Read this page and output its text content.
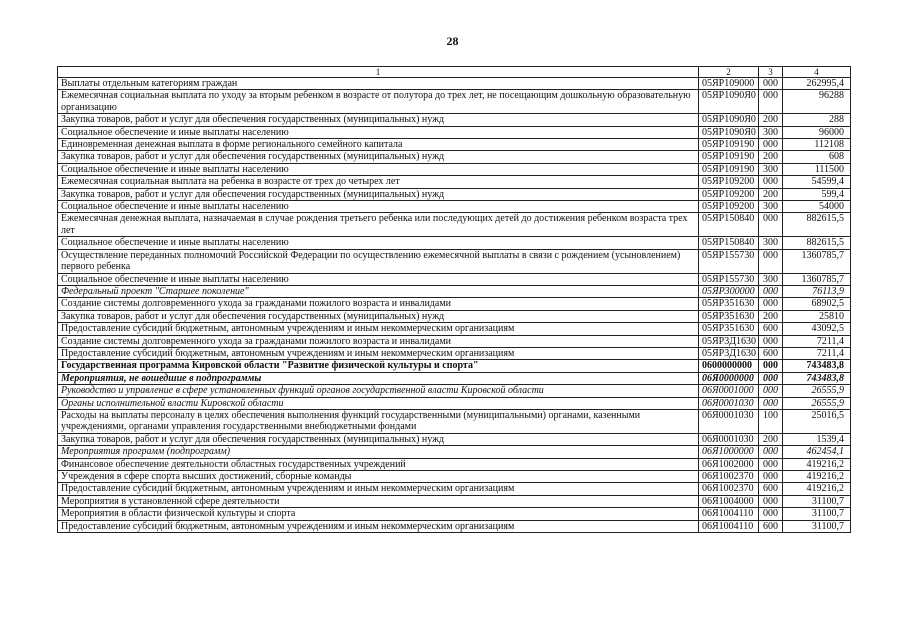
28
1	2	3	4
Выплаты отдельным категориям граждан	05ЯР109000	000	262995,4
Ежемесячная социальная выплата по уходу за вторым ребенком в возрасте от полутора до трех лет, не посещающим дошкольную образовательную организацию	05ЯР1090Я0	000	96288
Закупка товаров, работ и услуг для обеспечения государственных (муниципальных) нужд	05ЯР1090Я0	200	288
Социальное обеспечение и иные выплаты населению	05ЯР1090Я0	300	96000
Единовременная денежная выплата в форме регионального семейного капитала	05ЯР109190	000	112108
Закупка товаров, работ и услуг для обеспечения государственных (муниципальных) нужд	05ЯР109190	200	608
Социальное обеспечение и иные выплаты населению	05ЯР109190	300	111500
Ежемесячная социальная выплата на ребенка в возрасте от трех до четырех лет	05ЯР109200	000	54599,4
Закупка товаров, работ и услуг для обеспечения государственных (муниципальных) нужд	05ЯР109200	200	599,4
Социальное обеспечение и иные выплаты населению	05ЯР109200	300	54000
Ежемесячная денежная выплата, назначаемая в случае рождения третьего ребенка или последующих детей до достижения ребенком возраста трех лет	05ЯР150840	000	882615,5
Социальное обеспечение и иные выплаты населению	05ЯР150840	300	882615,5
Осуществление переданных полномочий Российской Федерации по осуществлению ежемесячной выплаты в связи с рождением (усыновлением) первого ребенка	05ЯР155730	000	1360785,7
Социальное обеспечение и иные выплаты населению	05ЯР155730	300	1360785,7
Федеральный проект "Старшее поколение"	05ЯР300000	000	76113,9
Создание системы долговременного ухода за гражданами пожилого возраста и инвалидами	05ЯР351630	000	68902,5
Закупка товаров, работ и услуг для обеспечения государственных (муниципальных) нужд	05ЯР351630	200	25810
Предоставление субсидий бюджетным, автономным учреждениям и иным некоммерческим организациям	05ЯР351630	600	43092,5
Создание системы долговременного ухода за гражданами пожилого возраста и инвалидами	05ЯР3Д1630	000	7211,4
Предоставление субсидий бюджетным, автономным учреждениям и иным некоммерческим организациям	05ЯР3Д1630	600	7211,4
Государственная программа Кировской области "Развитие физической культуры и спорта"	0600000000	000	743483,8
Мероприятия, не вошедшие в подпрограммы	06Я0000000	000	743483,8
Руководство и управление в сфере установленных функций органов государственной власти Кировской области	06Я0001000	000	26555,9
Органы исполнительной власти Кировской области	06Я0001030	000	26555,9
Расходы на выплаты персоналу в целях обеспечения выполнения функций государственными (муниципальными) органами, казенными учреждениями, органами управления государственными внебюджетными фондами	06Я0001030	100	25016,5
Закупка товаров, работ и услуг для обеспечения государственных (муниципальных) нужд	06Я0001030	200	1539,4
Мероприятия программ (подпрограмм)	06Я1000000	000	462454,1
Финансовое обеспечение деятельности областных государственных учреждений	06Я1002000	000	419216,2
Учреждения в сфере спорта высших достижений, сборные команды	06Я1002370	000	419216,2
Предоставление субсидий бюджетным, автономным учреждениям и иным некоммерческим организациям	06Я1002370	600	419216,2
Мероприятия в установленной сфере деятельности	06Я1004000	000	31100,7
Мероприятия в области физической культуры и спорта	06Я1004110	000	31100,7
Предоставление субсидий бюджетным, автономным учреждениям и иным некоммерческим организациям	06Я1004110	600	31100,7
